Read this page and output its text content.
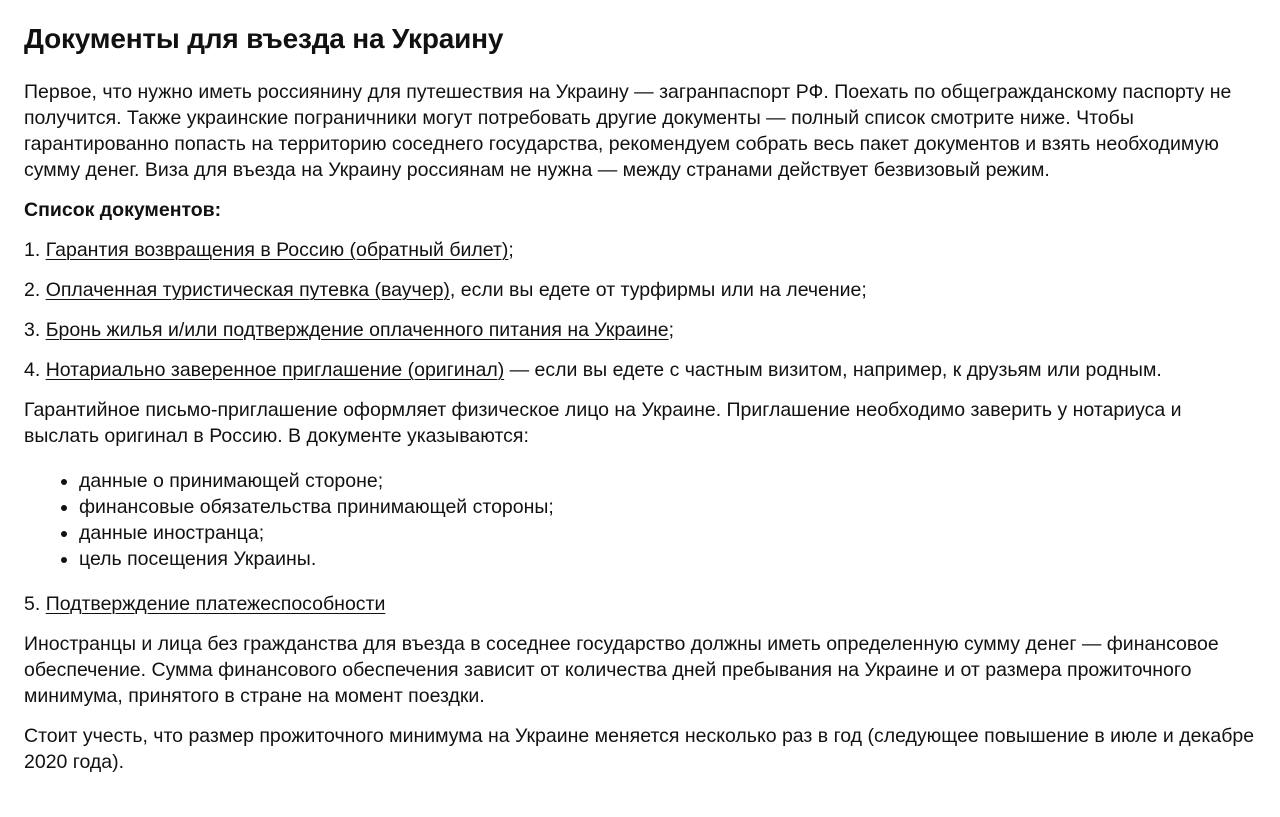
Документы для въезда на Украину

Первое, что нужно иметь россиянину для путешествия на Украину — загранпаспорт РФ. Поехать по общегражданскому паспорту не получится. Также украинские пограничники могут потребовать другие документы — полный список смотрите ниже. Чтобы гарантированно попасть на территорию соседнего государства, рекомендуем собрать весь пакет документов и взять необходимую сумму денег. Виза для въезда на Украину россиянам не нужна — между странами действует безвизовый режим.

Список документов:

1. Гарантия возвращения в Россию (обратный билет);

2. Оплаченная туристическая путевка (ваучер), если вы едете от турфирмы или на лечение;

3. Бронь жилья и/или подтверждение оплаченного питания на Украине;

4. Нотариально заверенное приглашение (оригинал) — если вы едете с частным визитом, например, к друзьям или родным.

Гарантийное письмо-приглашение оформляет физическое лицо на Украине. Приглашение необходимо заверить у нотариуса и выслать оригинал в Россию. В документе указываются:

• данные о принимающей стороне;
• финансовые обязательства принимающей стороны;
• данные иностранца;
• цель посещения Украины.

5. Подтверждение платежеспособности

Иностранцы и лица без гражданства для въезда в соседнее государство должны иметь определенную сумму денег — финансовое обеспечение. Сумма финансового обеспечения зависит от количества дней пребывания на Украине и от размера прожиточного минимума, принятого в стране на момент поездки.

Стоит учесть, что размер прожиточного минимума на Украине меняется несколько раз в год (следующее повышение в июле и декабре 2020 года).
